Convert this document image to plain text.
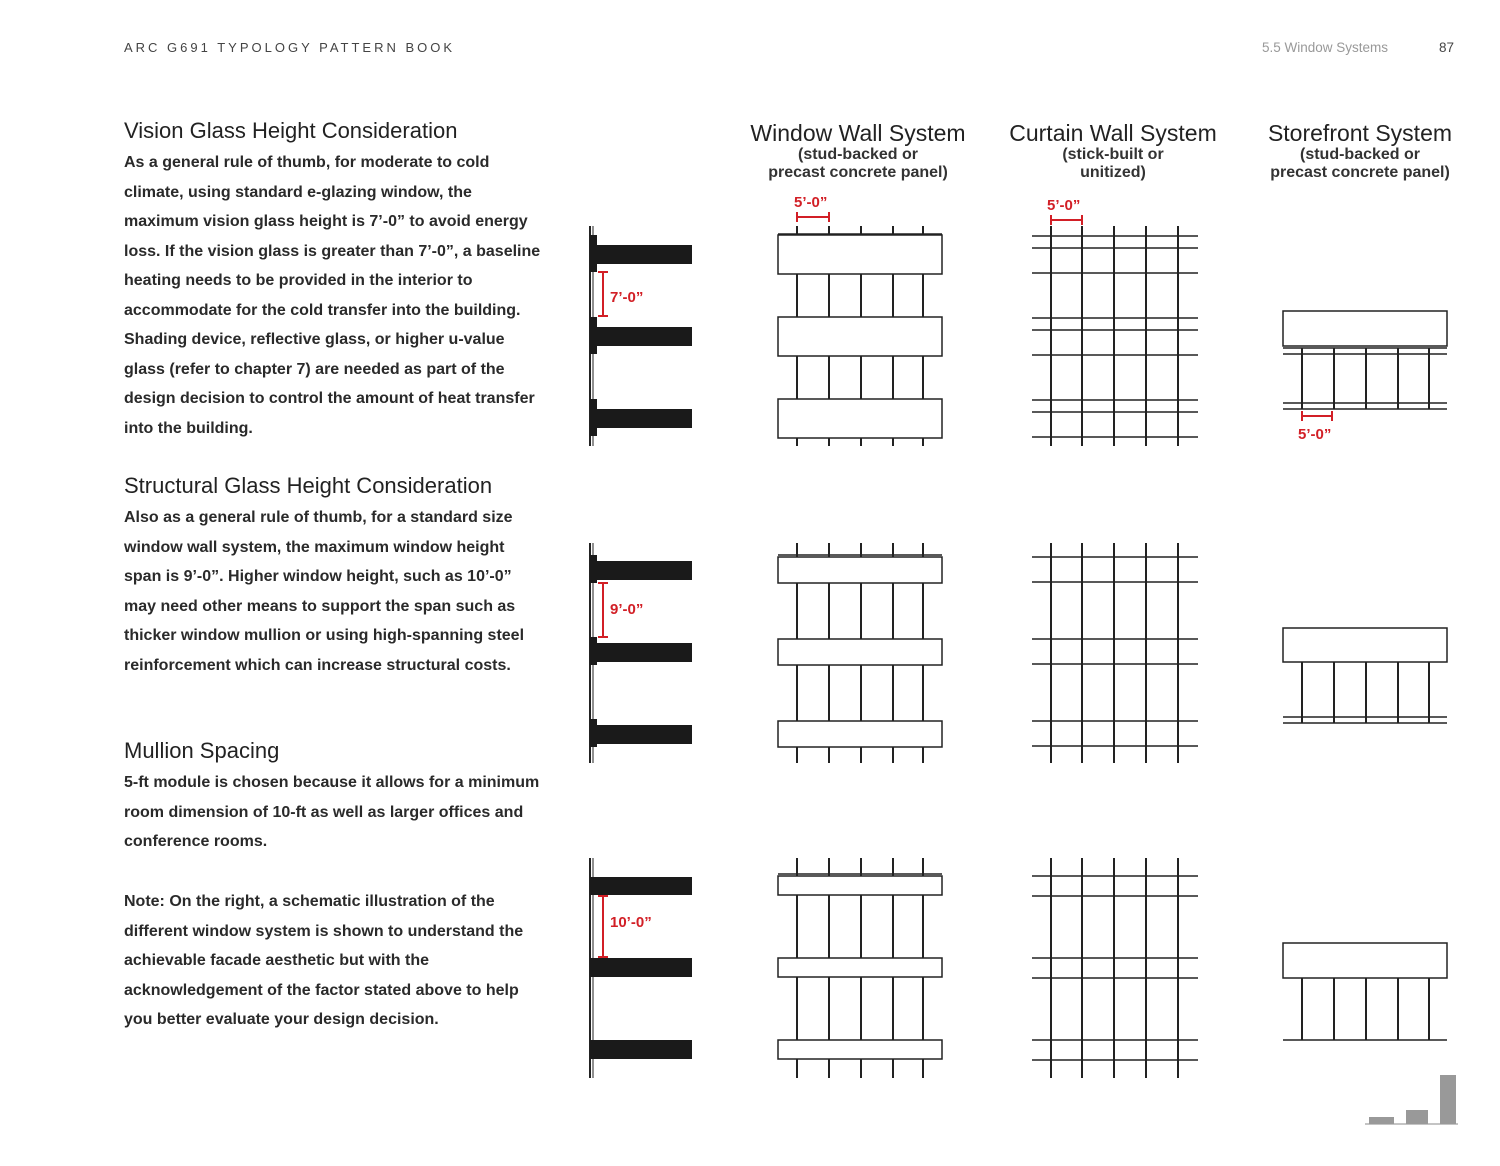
ARC G691 TYPOLOGY PATTERN BOOK	5.5 Window Systems	87
Vision Glass Height Consideration

As a general rule of thumb, for moderate to cold climate, using standard e-glazing window, the maximum vision glass height is 7’-0” to avoid energy loss. If the vision glass is greater than 7’-0”, a baseline heating needs to be provided in the interior to accommodate for the cold transfer into the building. Shading device, reflective glass, or higher u-value glass (refer to chapter 7) are needed as part of the design decision to control the amount of heat transfer into the building.

Structural Glass Height Consideration

Also as a general rule of thumb, for a standard size window wall system, the maximum window height span is 9’-0”. Higher window height, such as 10’-0” may need other means to support the span such as thicker window mullion or using high-spanning steel reinforcement which can increase structural costs.

Mullion Spacing

5-ft module is chosen because it allows for a minimum room dimension of 10-ft as well as larger offices and conference rooms.

Note: On the right, a schematic illustration of the different window system is shown to understand the achievable facade aesthetic but with the acknowledgement of the factor stated above to help you better evaluate your design decision.

Window Wall System
(stud-backed or
precast concrete panel)
Curtain Wall System
(stick-built or
unitized)
Storefront System
(stud-backed or
precast concrete panel)
7’-0”
9’-0”
10’-0”
5’-0”	5’-0”
5’-0”
